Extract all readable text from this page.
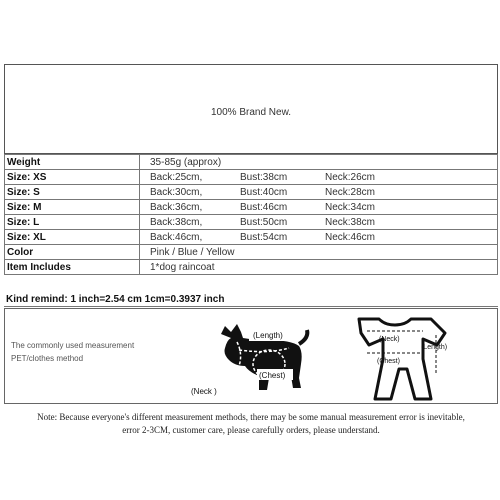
100% Brand New.
Weight	35-85g (approx)
Size: XS	Back:25cm, Bust:38cm Neck:26cm
Size: S	Back:30cm, Bust:40cm Neck:28cm
Size: M	Back:36cm, Bust:46cm Neck:34cm
Size: L	Back:38cm, Bust:50cm Neck:38cm
Size: XL	Back:46cm, Bust:54cm Neck:46cm
Color	Pink / Blue / Yellow
Item Includes	1*dog raincoat
Kind remind: 1 inch=2.54 cm 1cm=0.3937 inch
The commonly used measurement
PET/clothes method
(Length)
(Chest)
(Neck )
(Neck)
(Chest)
(Length)
Note: Because everyone's different measurement methods, there may be some manual measurement error is inevitable,
error 2-3CM, customer care, please carefully orders, please understand.
